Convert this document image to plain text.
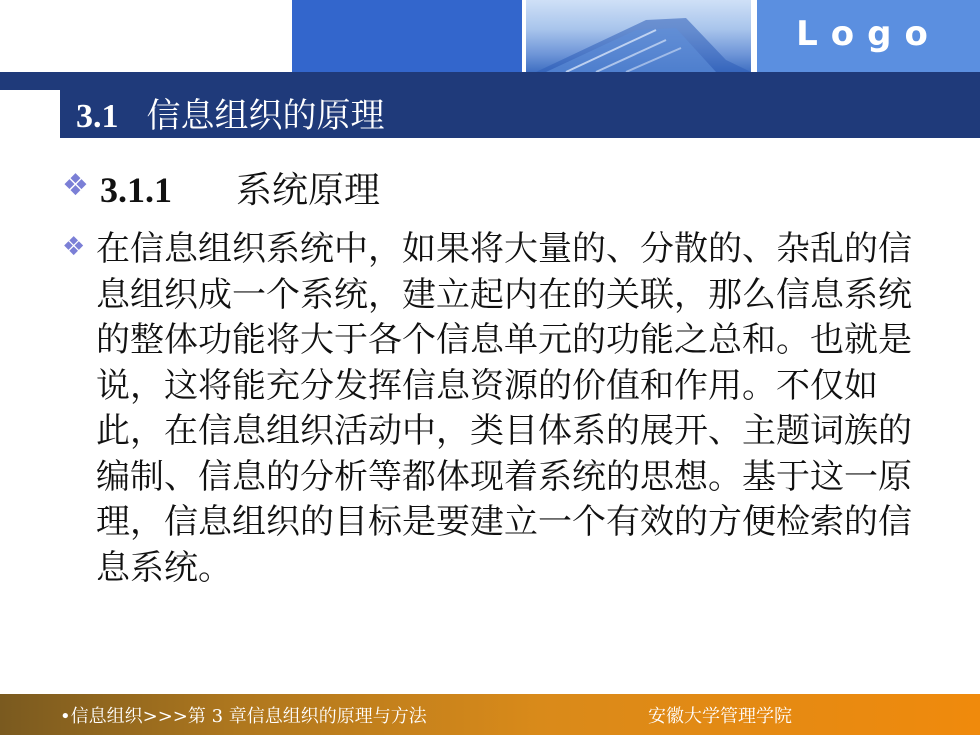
Logo
3.1 信息组织的原理
❖ 3.1.1 系统原理
❖ 在信息组织系统中，如果将大量的、分散的、杂乱的信息组织成一个系统，建立起内在的关联，那么信息系统的整体功能将大于各个信息单元的功能之总和。也就是说，这将能充分发挥信息资源的价值和作用。不仅如此，在信息组织活动中，类目体系的展开、主题词族的编制、信息的分析等都体现着系统的思想。基于这一原理，信息组织的目标是要建立一个有效的方便检索的信息系统。
•信息组织>>>第 3 章信息组织的原理与方法	安徽大学管理学院
